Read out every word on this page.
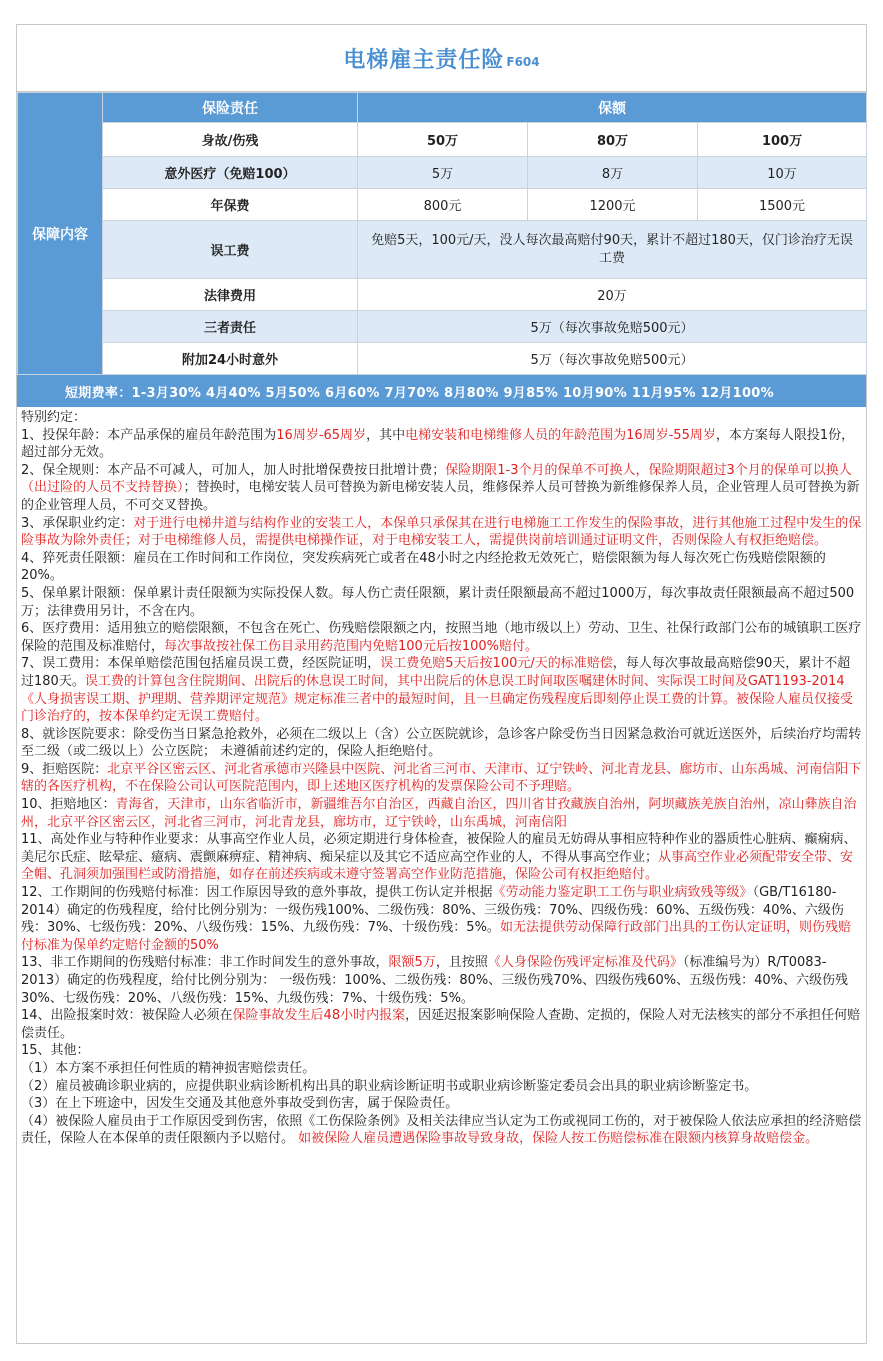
电梯雇主责任险 F604
保障内容	保险责任	保额		
	身故/伤残	50万	80万	100万
	意外医疗（免赔100）	5万	8万	10万
	年保费	800元	1200元	1500元
	误工费	免赔5天，100元/天，没人每次最高赔付90天，累计不超过180天，仅门诊治疗无误工费		
	法律费用	20万		
	三者责任	5万（每次事故免赔500元）		
	附加24小时意外	5万（每次事故免赔500元）		
短期费率：1-3月30% 4月40% 5月50% 6月60% 7月70% 8月80% 9月85% 10月90% 11月95% 12月100%

特别约定：

1、投保年龄：本产品承保的雇员年龄范围为16周岁-65周岁，其中电梯安装和电梯维修人员的年龄范围为16周岁-55周岁，本方案每人限投1份，超过部分无效。

2、保全规则：本产品不可减人，可加人，加人时批增保费按日批增计费；保险期限1-3个月的保单不可换人，保险期限超过3个月的保单可以换人（出过险的人员不支持替换）；替换时，电梯安装人员可替换为新电梯安装人员，维修保养人员可替换为新维修保养人员，企业管理人员可替换为新的企业管理人员，不可交叉替换。

3、承保职业约定：对于进行电梯井道与结构作业的安装工人，本保单只承保其在进行电梯施工工作发生的保险事故，进行其他施工过程中发生的保险事故为除外责任；对于电梯维修人员，需提供电梯操作证，对于电梯安装工人，需提供岗前培训通过证明文件，否则保险人有权拒绝赔偿。

4、猝死责任限额：雇员在工作时间和工作岗位，突发疾病死亡或者在48小时之内经抢救无效死亡，赔偿限额为每人每次死亡伤残赔偿限额的20%。

5、保单累计限额：保单累计责任限额为实际投保人数。每人伤亡责任限额，累计责任限额最高不超过1000万，每次事故责任限额最高不超过500万；法律费用另计，不含在内。

6、医疗费用：适用独立的赔偿限额，不包含在死亡、伤残赔偿限额之内，按照当地（地市级以上）劳动、卫生、社保行政部门公布的城镇职工医疗保险的范围及标准赔付，每次事故按社保工伤目录用药范围内免赔100元后按100%赔付。

7、误工费用：本保单赔偿范围包括雇员误工费，经医院证明，误工费免赔5天后按100元/天的标准赔偿，每人每次事故最高赔偿90天，累计不超过180天。误工费的计算包含住院期间、出院后的休息误工时间，其中出院后的休息误工时间取医嘱建休时间、实际误工时间及GAT1193-2014 《人身损害误工期、护理期、营养期评定规范》规定标准三者中的最短时间，且一旦确定伤残程度后即刻停止误工费的计算。被保险人雇员仅接受门诊治疗的，按本保单约定无误工费赔付。

8、就诊医院要求：除受伤当日紧急抢救外，必须在二级以上（含）公立医院就诊，急诊客户除受伤当日因紧急救治可就近送医外，后续治疗均需转至二级（或二级以上）公立医院； 未遵循前述约定的，保险人拒绝赔付。

9、拒赔医院：北京平谷区密云区、河北省承德市兴隆县中医院、河北省三河市、天津市、辽宁铁岭、河北青龙县、廊坊市、山东禹城、河南信阳下辖的各医疗机构，不在保险公司认可医院范围内，即上述地区医疗机构的发票保险公司不予理赔。

10、拒赔地区：青海省，天津市，山东省临沂市，新疆维吾尔自治区，西藏自治区，四川省甘孜藏族自治州，阿坝藏族羌族自治州，凉山彝族自治州，北京平谷区密云区，河北省三河市，河北青龙县，廊坊市，辽宁铁岭，山东禹城，河南信阳

11、高处作业与特种作业要求：从事高空作业人员，必须定期进行身体检查，被保险人的雇员无妨碍从事相应特种作业的器质性心脏病、癫痫病、美尼尔氏症、眩晕症、癔病、震颤麻痹症、精神病、痴呆症以及其它不适应高空作业的人，不得从事高空作业；从事高空作业必须配带安全带、安全帽、孔洞须加强围栏或防滑措施，如存在前述疾病或未遵守签署高空作业防范措施，保险公司有权拒绝赔付。

12、工作期间的伤残赔付标准：因工作原因导致的意外事故，提供工伤认定并根据《劳动能力鉴定职工工伤与职业病致残等级》（GB/T16180-2014）确定的伤残程度，给付比例分别为：一级伤残100%、二级伤残：80%、三级伤残：70%、四级伤残：60%、五级伤残：40%、六级伤残：30%、七级伤残：20%、八级伤残：15%、九级伤残：7%、十级伤残：5%。如无法提供劳动保障行政部门出具的工伤认定证明，则伤残赔付标准为保单约定赔付金额的50%

13、非工作期间的伤残赔付标准：非工作时间发生的意外事故，限额5万，且按照《人身保险伤残评定标准及代码》（标准编号为）R/T0083-2013）确定的伤残程度，给付比例分别为： 一级伤残：100%、二级伤残：80%、三级伤残70%、四级伤残60%、五级伤残：40%、六级伤残30%、七级伤残：20%、八级伤残：15%、九级伤残：7%、十级伤残：5%。

14、出险报案时效：被保险人必须在保险事故发生后48小时内报案，因延迟报案影响保险人查勘、定损的，保险人对无法核实的部分不承担任何赔偿责任。

15、其他：

（1）本方案不承担任何性质的精神损害赔偿责任。

（2）雇员被确诊职业病的，应提供职业病诊断机构出具的职业病诊断证明书或职业病诊断鉴定委员会出具的职业病诊断鉴定书。

（3）在上下班途中，因发生交通及其他意外事故受到伤害，属于保险责任。

（4）被保险人雇员由于工作原因受到伤害，依照《工伤保险条例》及相关法律应当认定为工伤或视同工伤的，对于被保险人依法应承担的经济赔偿责任，保险人在本保单的责任限额内予以赔付。 如被保险人雇员遭遇保险事故导致身故，保险人按工伤赔偿标准在限额内核算身故赔偿金。
